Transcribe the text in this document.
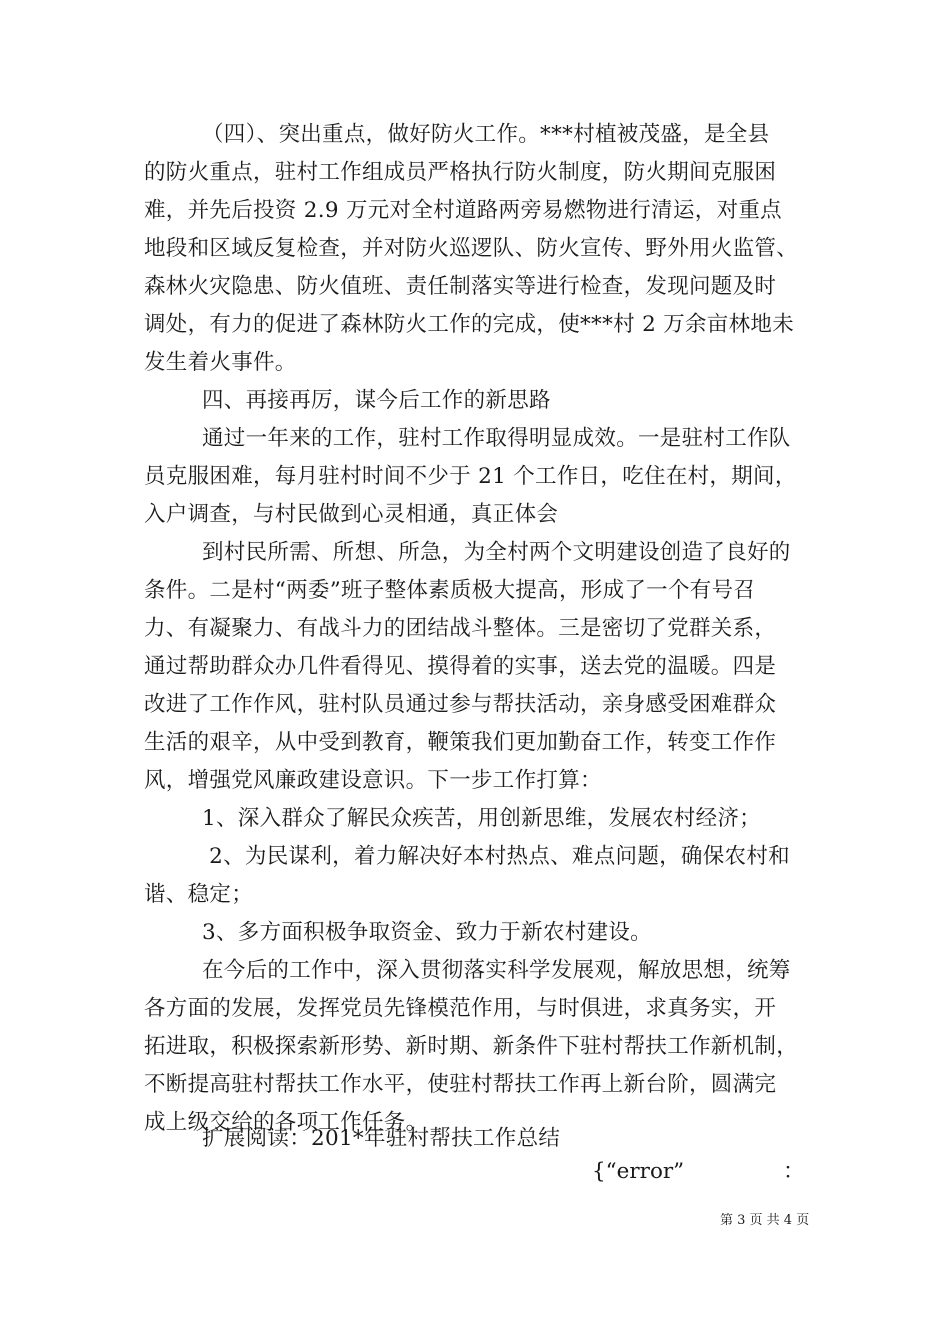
（四）、突出重点，做好防火工作。***村植被茂盛，是全县
的防火重点，驻村工作组成员严格执行防火制度，防火期间克服困
难，并先后投资 2.9 万元对全村道路两旁易燃物进行清运，对重点
地段和区域反复检查，并对防火巡逻队、防火宣传、野外用火监管、
森林火灾隐患、防火值班、责任制落实等进行检查，发现问题及时
调处，有力的促进了森林防火工作的完成，使***村 2 万余亩林地未
发生着火事件。
四、再接再厉，谋今后工作的新思路
通过一年来的工作，驻村工作取得明显成效。一是驻村工作队
员克服困难，每月驻村时间不少于 21 个工作日，吃住在村，期间，
入户调查，与村民做到心灵相通，真正体会
到村民所需、所想、所急，为全村两个文明建设创造了良好的
条件。二是村“两委”班子整体素质极大提高，形成了一个有号召
力、有凝聚力、有战斗力的团结战斗整体。三是密切了党群关系，
通过帮助群众办几件看得见、摸得着的实事，送去党的温暖。四是
改进了工作作风，驻村队员通过参与帮扶活动，亲身感受困难群众
生活的艰辛，从中受到教育，鞭策我们更加勤奋工作，转变工作作
风，增强党风廉政建设意识。下一步工作打算：
1、深入群众了解民众疾苦，用创新思维，发展农村经济；
2、为民谋利，着力解决好本村热点、难点问题，确保农村和
谐、稳定；
3、多方面积极争取资金、致力于新农村建设。
在今后的工作中，深入贯彻落实科学发展观，解放思想，统筹
各方面的发展，发挥党员先锋模范作用，与时俱进，求真务实，开
拓进取，积极探索新形势、新时期、新条件下驻村帮扶工作新机制，
不断提高驻村帮扶工作水平，使驻村帮扶工作再上新台阶，圆满完
成上级交给的各项工作任务。
扩展阅读：201*年驻村帮扶工作总结
{“error”	：
第 3 页 共 4 页
